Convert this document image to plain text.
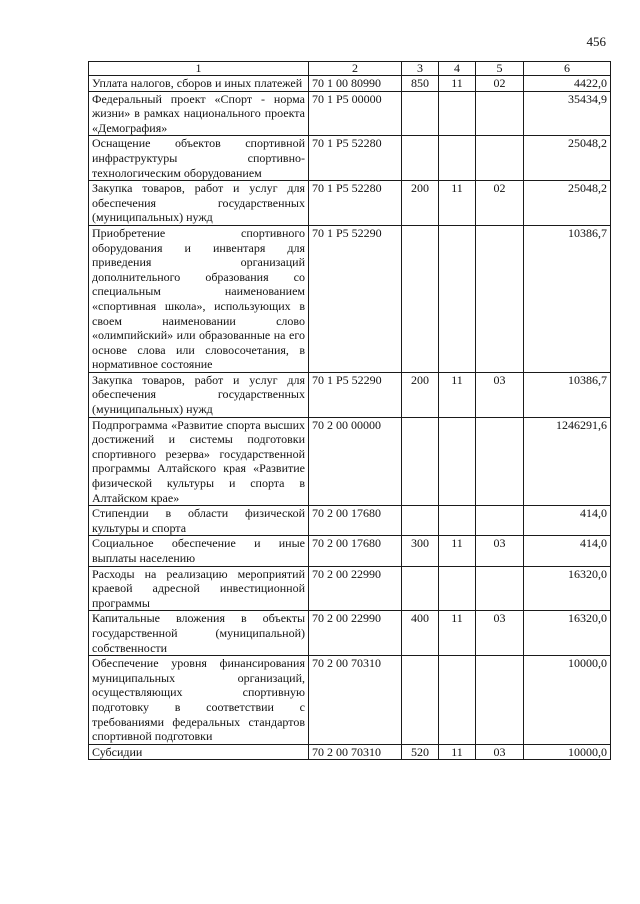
456
1	2	3	4	5	6
Уплата налогов, сборов и иных платежей	70 1 00 80990	850	11	02	4422,0
Федеральный проект «Спорт - норма жизни» в рамках национального проекта «Демография»	70 1 Р5 00000				35434,9
Оснащение объектов спортивной инфраструктуры спортивно-технологическим оборудованием	70 1 Р5 52280				25048,2
Закупка товаров, работ и услуг для обеспечения государственных (муниципальных) нужд	70 1 Р5 52280	200	11	02	25048,2
Приобретение спортивного оборудования и инвентаря для приведения организаций дополнительного образования со специальным наименованием «спортивная школа», использующих в своем наименовании слово «олимпийский» или образованные на его основе слова или словосочетания, в нормативное состояние	70 1 Р5 52290				10386,7
Закупка товаров, работ и услуг для обеспечения государственных (муниципальных) нужд	70 1 Р5 52290	200	11	03	10386,7
Подпрограмма «Развитие спорта высших достижений и системы подготовки спортивного резерва» государственной программы Алтайского края «Развитие физической культуры и спорта в Алтайском крае»	70 2 00 00000				1246291,6
Стипендии в области физической культуры и спорта	70 2 00 17680				414,0
Социальное обеспечение и иные выплаты населению	70 2 00 17680	300	11	03	414,0
Расходы на реализацию мероприятий краевой адресной инвестиционной программы	70 2 00 22990				16320,0
Капитальные вложения в объекты государственной (муниципальной) собственности	70 2 00 22990	400	11	03	16320,0
Обеспечение уровня финансирования муниципальных организаций, осуществляющих спортивную подготовку в соответствии с требованиями федеральных стандартов спортивной подготовки	70 2 00 70310				10000,0
Субсидии	70 2 00 70310	520	11	03	10000,0
